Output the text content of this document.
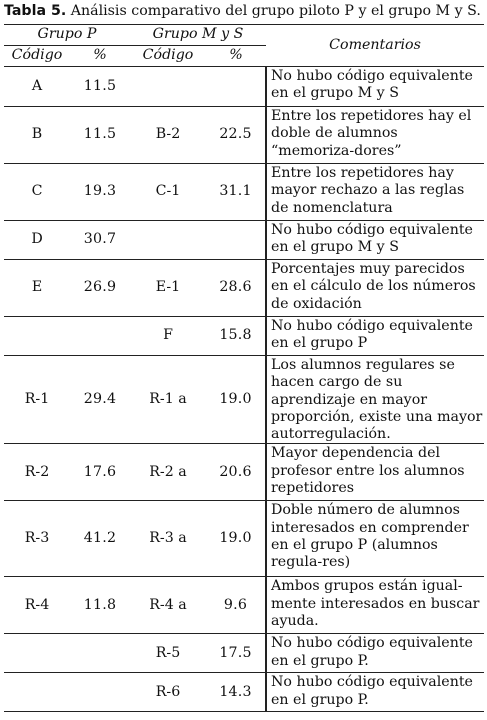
Tabla 5. Análisis comparativo del grupo piloto P y el grupo M y S.
Grupo P		Grupo M y S		Comentarios
Código	%	Código	%	
A	11.5			No hubo código equivalente en el grupo M y S
B	11.5	B-2	22.5	Entre los repetidores hay el doble de alumnos “memoriza-dores”
C	19.3	C-1	31.1	Entre los repetidores hay mayor rechazo a las reglas de nomenclatura
D	30.7			No hubo código equivalente en el grupo M y S
E	26.9	E-1	28.6	Porcentajes muy parecidos en el cálculo de los números de oxidación
		F	15.8	No hubo código equivalente en el grupo P
R-1	29.4	R-1 a	19.0	Los alumnos regulares se hacen cargo de su aprendizaje en mayor proporción, existe una mayor autorregulación.
R-2	17.6	R-2 a	20.6	Mayor dependencia del profesor entre los alumnos repetidores
R-3	41.2	R-3 a	19.0	Doble número de alumnos interesados en comprender en el grupo P (alumnos regula-res)
R-4	11.8	R-4 a	9.6	Ambos grupos están igual-mente interesados en buscar ayuda.
		R-5	17.5	No hubo código equivalente en el grupo P.
		R-6	14.3	No hubo código equivalente en el grupo P.
